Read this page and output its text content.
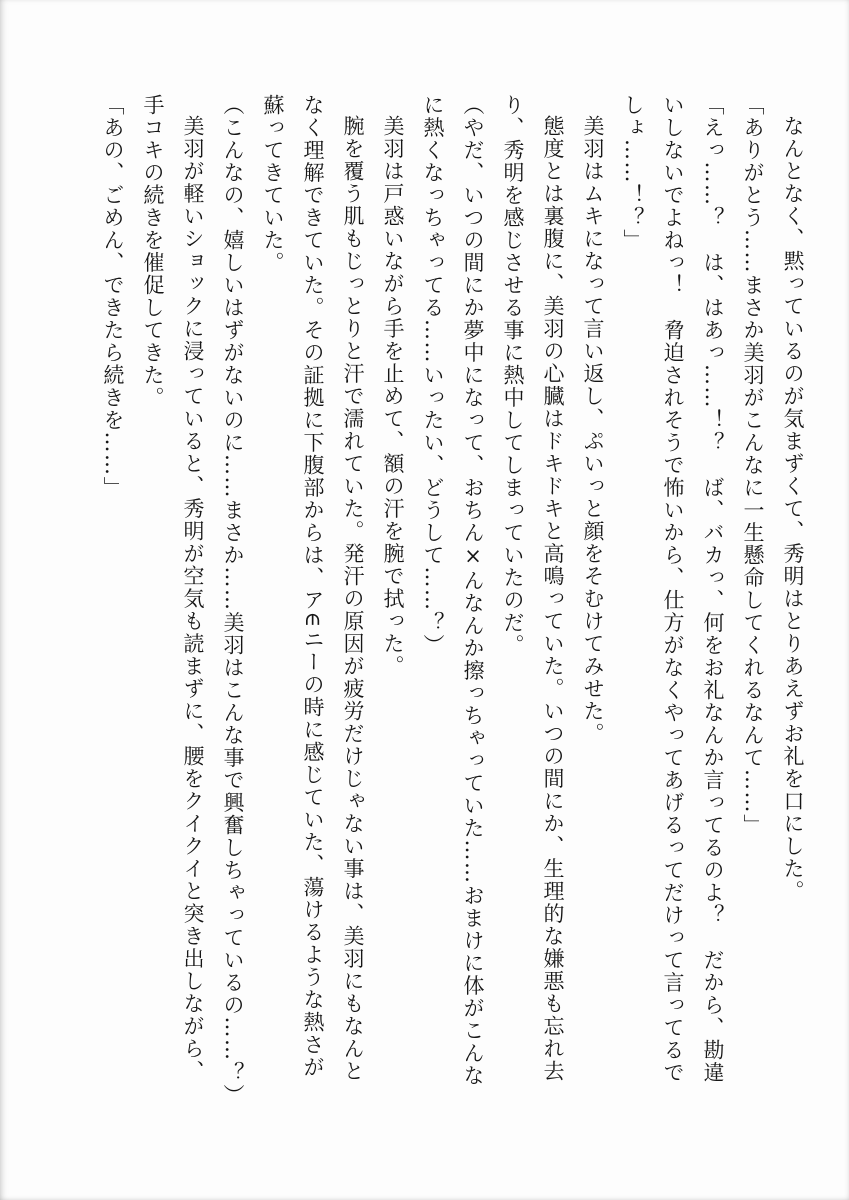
なんとなく、黙っているのが気まずくて、秀明はとりあえずお礼を口にした。

「ありがとう……まさか美羽がこんなに一生懸命してくれるなんて……」

「えっ……？　は、はあっ……！？　ば、バカっ、何をお礼なんか言ってるのよ？　だから、勘違

いしないでよねっ！　脅迫されそうで怖いから、仕方がなくやってあげるってだけって言ってるで

しょ……！？」

美羽はムキになって言い返し、ぷいっと顔をそむけてみせた。

態度とは裏腹に、美羽の心臓はドキドキと高鳴っていた。いつの間にか、生理的な嫌悪も忘れ去

り、秀明を感じさせる事に熱中してしまっていたのだ。

（やだ、いつの間にか夢中になって、おちん×んなんか擦っちゃっていた……おまけに体がこんな

に熱くなっちゃってる……いったい、どうして……？）

美羽は戸惑いながら手を止めて、額の汗を腕で拭った。

腕を覆う肌もじっとりと汗で濡れていた。発汗の原因が疲労だけじゃない事は、美羽にもなんと

なく理解できていた。その証拠に下腹部からは、ア∈ニーの時に感じていた、蕩けるような熱さが

蘇ってきていた。

（こんなの、嬉しいはずがないのに……まさか……美羽はこんな事で興奮しちゃっているの……？）

美羽が軽いショックに浸っていると、秀明が空気も読まずに、腰をクイクイと突き出しながら、

手コキの続きを催促してきた。

「あの、ごめん、できたら続きを……」
